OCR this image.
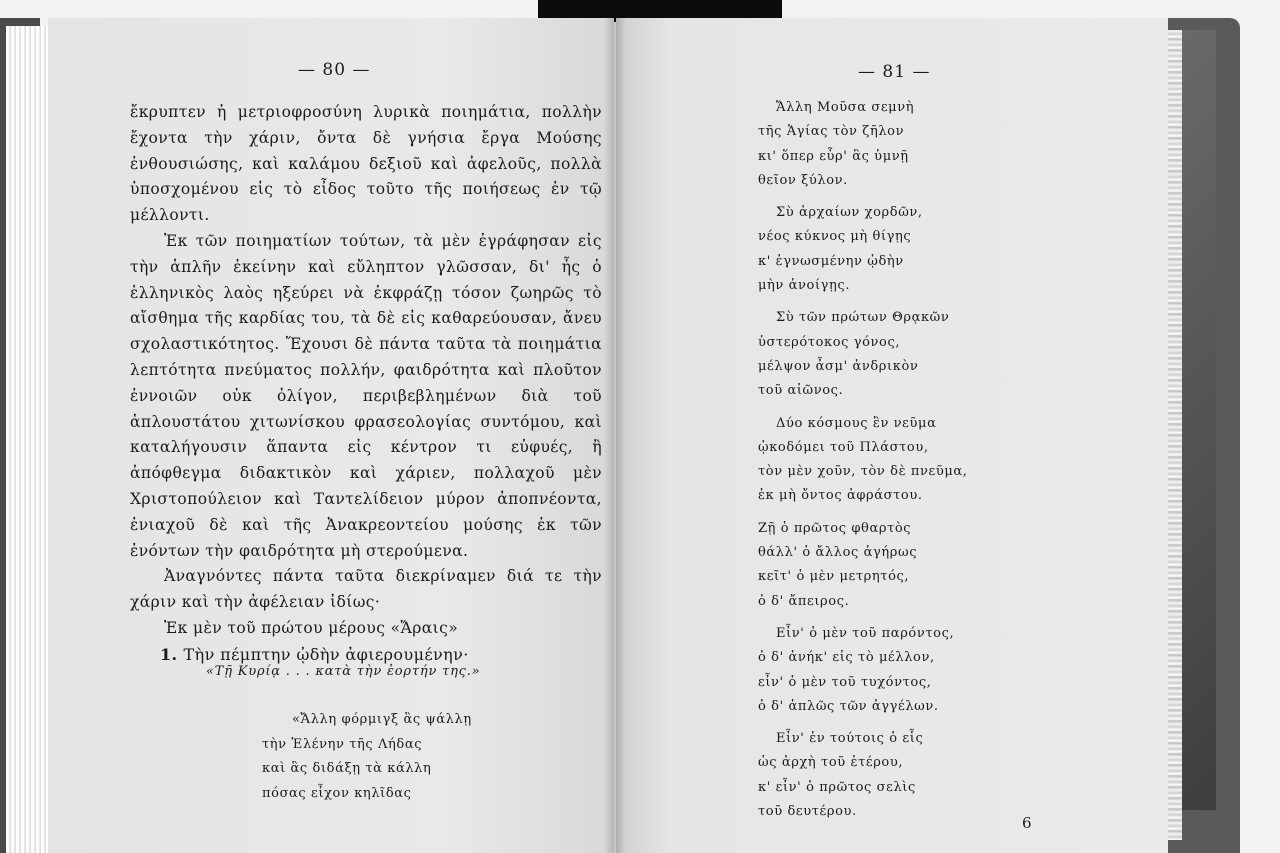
— 80 —

ἔκρυπτεν ἡ μετριοφροσύνη λυρικὰ ποιημάτια, πολλὴν ἔχοντα τὴν χάριν, ὄντα δὲ γνήσια ἔργα Μούσης ἐνθουσιώσης, καὶ καλάμου δεξιοῦ καὶ ἀφελοῦς, πολλὰ ὑποσχομένου εἰς τὸ εἶδος τοῦτο τῆς ποιήσεως ἐν τῷ μέλλοντι.

Ἐκ τῶν ποιηματίων τούτων, τὰ μὲν ἐγράφησαν εἰς τὴν ἁπλῆν ἐκείνην καὶ εὔληπτον γλῶσσαν, δι' ἧς ὁ ἑλληνικὸς λαὸς ηξεύρει νὰ ἐκφράζῃ τόσον ζωηρῶς τὸ αἴσθημα τῆς καρδίας του, τὰ δὲ εἰς καθαρεύουσαν, ἄνευ σχολαστικότητος. Ἔχουσι δὲ πάντα ταῦτα τὰ ποιημάτια λεπτότητα πνεύματος πολλήν, φαιδρότητα καὶ πλοῦτον ἐννοιῶν οὐκ ὀλίγον, περιβεβλημένων διὰ τοῦ ἁπλουστάτου χιτωνίσκου φρασεολογίας συντόμου, καὶ καταλήγουσιν ἅπαντα εἰς κέντρον τι εὐφυές, ἢ ἀπόφθεγμα διδακτικὸν καὶ χάριεν, πολλαχοῦ μὲν Χριστοπούλειον καὶ Ταντελίδειον μύρον ἀποπνέοντα, ἐνιαχοῦ δὲ καὶ τῆς Ἀνακρεοντείου μούσης ἐκ τῶν ἐνόντων τὴν φαιδρότητα μὴ στερούμενα.

Ἀναγνόντες πάντα ταῦτα διεκρίναμεν διά τε τὴν χάριν καὶ τὴν ἀφέλειαν ἰδίως·

Ἐκ μὲν τοῦ πρώτου μέρους «Ἄραις»

1. Τὴν πέμπτην ᾠδὴν ἀφιερουμένην·

«Τῇ Κυρίᾳ . . . κατὰ τὴν ἑορτήν της.»
«Ἄλλη φόρμιγξ ἃς ψάλλῃ
τὴν Ἑλένην τῆς Λήδας
καὶ ἃς διδάξῃ τὰ κάλλη
πόσας εἶχον κηλῖδας
— 81 —
Ἄλλη Μοῦσα σεμνὴ
τῆς Ἁγίας τὸν ζῆλον
κι' ὅπερ εὗρ' ἃς ὑμνῇ
θεῖον ξύλον.
Σὺ ἀρχαίων χορδῶν,
νέος κύκνος μὴ θίγῃς
κ' ἐγνωσμένην ᾠδὴν
μὴν ἀνοίγῃς.
Σὺ τῶν πρώτων Θρᾳκῶν
ὑστερότοκος γόνος,
μέλψον ἆσμ' ἀνδρικὸν
τοῦ αἰῶνος.
Δύο κόσμους ἓν νεῦμα
ᾠκοδόμει τοῦ Πλάστου,
τὸν μὲν χοῦν, τὸν δὲ πνεῦμα,
ἐκ μὴ ὄντος ἀφράστου.
Ζῇ ὁ πρῶτος φθαρτὸς
θάλλ' ὁ ἄλλος ἀγήρως
κεῖτ' ὁ μὲν μετρητός,
ὁ δ' ἄπειρος.
Εἶν' ὁ μὲν τοῦ παρόντος,
ὁ δ' ἀνήκ' εἰς τὸ μέλλον,
εἶν' ὁ μὲν τοῦ τυχόντος,
ὁ δ' ἁπλῶς τῶν ἀγγέλων.
Εἶν' ἐν τούτοις ὁ εἷς
ὡς ἀρχὴ τοῦ ἑτέρου,
κ' εἶν' ὁ πρῶτος σελὶς
τοῦ δευτέρου.
6
